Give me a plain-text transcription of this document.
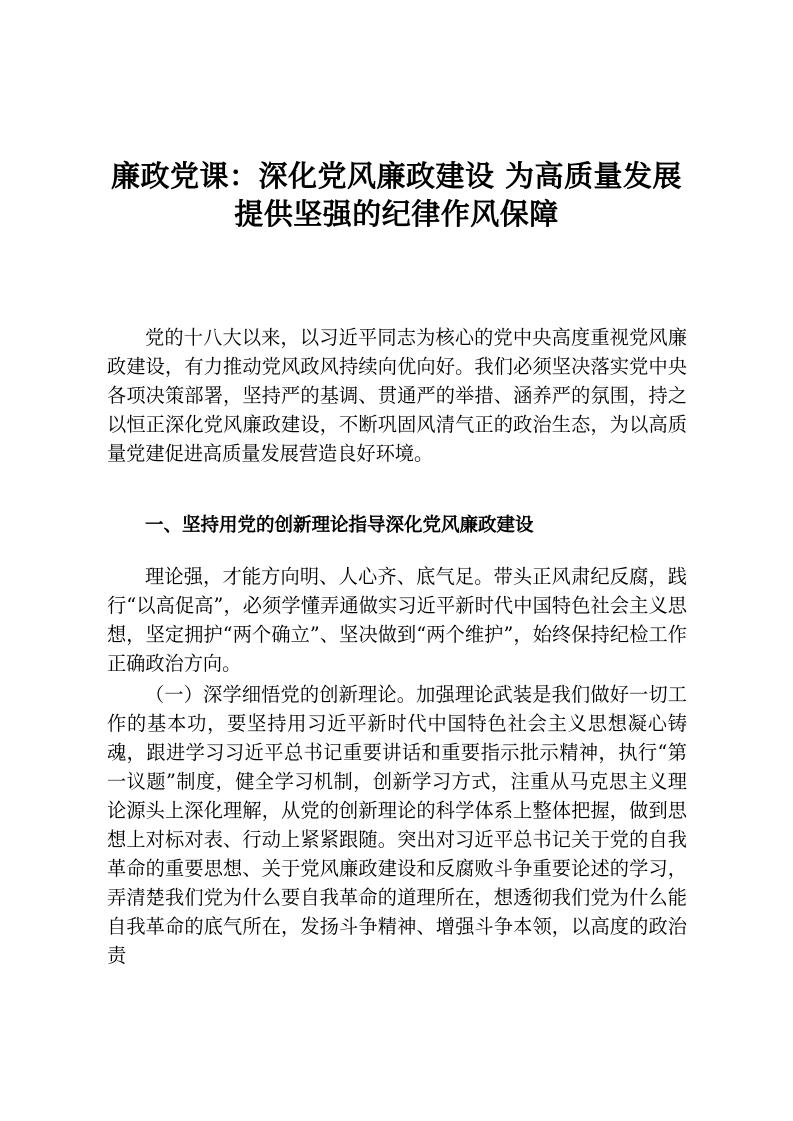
廉政党课：深化党风廉政建设 为高质量发展
提供坚强的纪律作风保障

党的十八大以来，以习近平同志为核心的党中央高度重视党风廉政建设，有力推动党风政风持续向优向好。我们必须坚决落实党中央各项决策部署，坚持严的基调、贯通严的举措、涵养严的氛围，持之以恒正深化党风廉政建设，不断巩固风清气正的政治生态，为以高质量党建促进高质量发展营造良好环境。

一、坚持用党的创新理论指导深化党风廉政建设

理论强，才能方向明、人心齐、底气足。带头正风肃纪反腐，践行“以高促高”，必须学懂弄通做实习近平新时代中国特色社会主义思想，坚定拥护“两个确立”、坚决做到“两个维护”，始终保持纪检工作正确政治方向。

（一）深学细悟党的创新理论。加强理论武装是我们做好一切工作的基本功，要坚持用习近平新时代中国特色社会主义思想凝心铸魂，跟进学习习近平总书记重要讲话和重要指示批示精神，执行“第一议题”制度，健全学习机制，创新学习方式，注重从马克思主义理论源头上深化理解，从党的创新理论的科学体系上整体把握，做到思想上对标对表、行动上紧紧跟随。突出对习近平总书记关于党的自我革命的重要思想、关于党风廉政建设和反腐败斗争重要论述的学习，弄清楚我们党为什么要自我革命的道理所在，想透彻我们党为什么能自我革命的底气所在，发扬斗争精神、增强斗争本领，以高度的政治责
